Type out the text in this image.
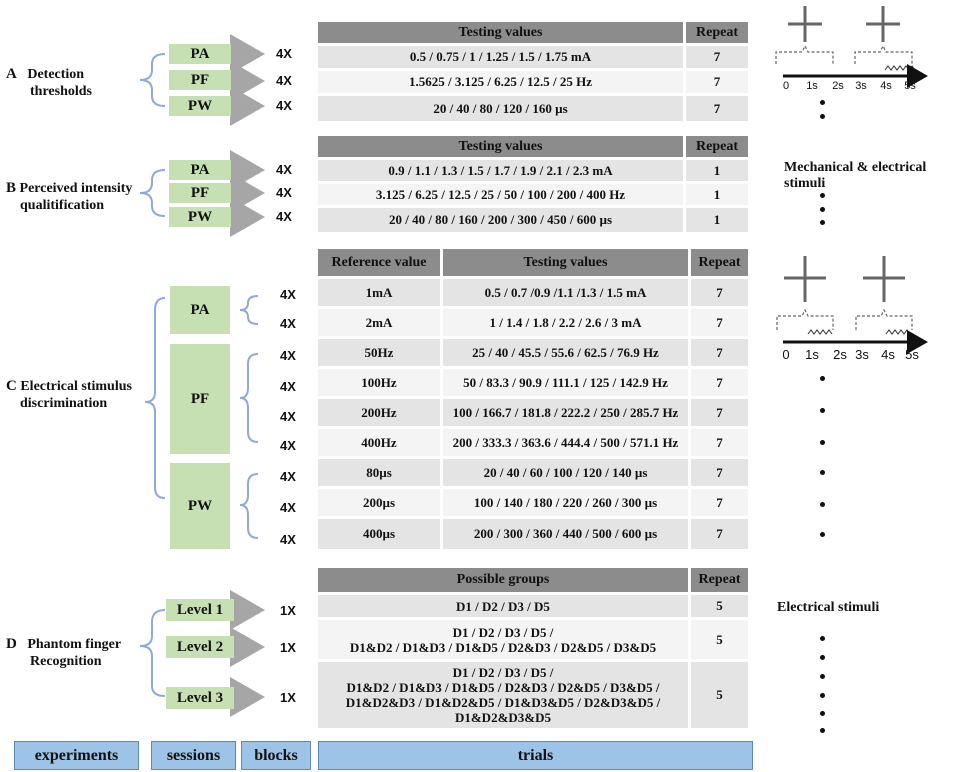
A Detection
thresholds
B Perceived intensity
qualitification
C Electrical stimulus
discrimination
D Phantom finger
Recognition
PA
PF
PW
PA
PF
PW
PA
PF
PW
Level 1
Level 2
Level 3
4X
4X
4X
4X
4X
4X
4X
4X
4X
4X
4X
4X
4X
4X
4X
1X
1X
1X
Testing values	Repeat
0.5 / 0.75 / 1 / 1.25 / 1.5 / 1.75 mA	7
1.5625 / 3.125 / 6.25 / 12.5 / 25 Hz	7
20 / 40 / 80 / 120 / 160 µs	7
Testing values	Repeat
0.9 / 1.1 / 1.3 / 1.5 / 1.7 / 1.9 / 2.1 / 2.3 mA	1
3.125 / 6.25 / 12.5 / 25 / 50 / 100 / 200 / 400 Hz	1
20 / 40 / 80 / 160 / 200 / 300 / 450 / 600 µs	1
Reference value	Testing values	Repeat
1mA	0.5 / 0.7 /0.9 /1.1 /1.3 / 1.5 mA	7
2mA	1 / 1.4 / 1.8 / 2.2 / 2.6 / 3 mA	7
50Hz	25 / 40 / 45.5 / 55.6 / 62.5 / 76.9 Hz	7
100Hz	50 / 83.3 / 90.9 / 111.1 / 125 / 142.9 Hz	7
200Hz	100 / 166.7 / 181.8 / 222.2 / 250 / 285.7 Hz	7
400Hz	200 / 333.3 / 363.6 / 444.4 / 500 / 571.1 Hz	7
80µs	20 / 40 / 60 / 100 / 120 / 140 µs	7
200µs	100 / 140 / 180 / 220 / 260 / 300 µs	7
400µs	200 / 300 / 360 / 440 / 500 / 600 µs	7
Possible groups	Repeat

D1 / D2 / D3 / D5	5

D1 / D2 / D3 / D5 /
D1&D2 / D1&D3 / D1&D5 / D2&D3 / D2&D5 / D3&D5	5

D1 / D2 / D3 / D5 /
D1&D2 / D1&D3 / D1&D5 / D2&D3 / D2&D5 / D3&D5 /
D1&D2&D3 / D1&D2&D5 / D1&D3&D5 / D2&D3&D5 /
D1&D2&D3&D5	5
0	1s 2s 3s 4s 5s
0	1s 2s 3s 4s 5s
Mechanical & electrical stimuli
Electrical stimuli
experiments	sessions	blocks	trials
